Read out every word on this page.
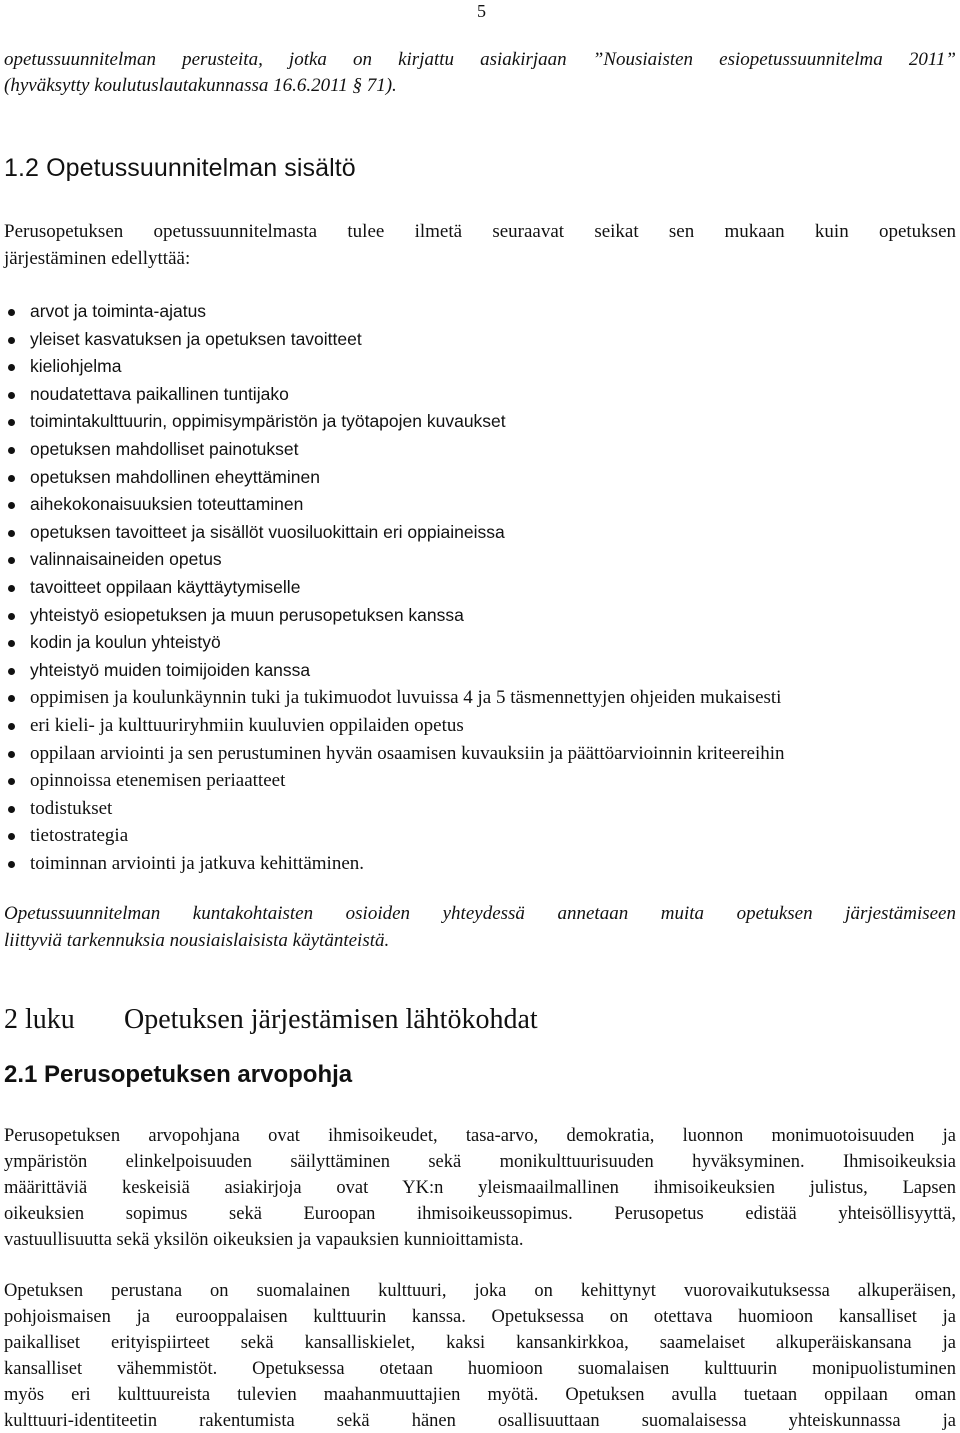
5

opetussuunnitelman perusteita, jotka on kirjattu asiakirjaan ”Nousiaisten esiopetussuunnitelma 2011”
(hyväksytty koulutuslautakunnassa 16.6.2011 § 71).

1.2 Opetussuunnitelman sisältö

Perusopetuksen opetussuunnitelmasta tulee ilmetä seuraavat seikat sen mukaan kuin opetuksen
järjestäminen edellyttää:

arvot ja toiminta-ajatus
yleiset kasvatuksen ja opetuksen tavoitteet
kieliohjelma
noudatettava paikallinen tuntijako
toimintakulttuurin, oppimisympäristön ja työtapojen kuvaukset
opetuksen mahdolliset painotukset
opetuksen mahdollinen eheyttäminen
aihekokonaisuuksien toteuttaminen
opetuksen tavoitteet ja sisällöt vuosiluokittain eri oppiaineissa
valinnaisaineiden opetus
tavoitteet oppilaan käyttäytymiselle
yhteistyö esiopetuksen ja muun perusopetuksen kanssa
kodin ja koulun yhteistyö
yhteistyö muiden toimijoiden kanssa
oppimisen ja koulunkäynnin tuki ja tukimuodot luvuissa 4 ja 5 täsmennettyjen ohjeiden mukaisesti
eri kieli- ja kulttuuriryhmiin kuuluvien oppilaiden opetus
oppilaan arviointi ja sen perustuminen hyvän osaamisen kuvauksiin ja päättöarvioinnin kriteereihin
opinnoissa etenemisen periaatteet
todistukset
tietostrategia
toiminnan arviointi ja jatkuva kehittäminen.

Opetussuunnitelman kuntakohtaisten osioiden yhteydessä annetaan muita opetuksen järjestämiseen
liittyviä tarkennuksia nousiaislaisista käytänteistä.

2 luku Opetuksen järjestämisen lähtökohdat
2.1 Perusopetuksen arvopohja

Perusopetuksen arvopohjana ovat ihmisoikeudet, tasa-arvo, demokratia, luonnon monimuotoisuuden ja
ympäristön elinkelpoisuuden säilyttäminen sekä monikulttuurisuuden hyväksyminen. Ihmisoikeuksia
määrittäviä keskeisiä asiakirjoja ovat YK:n yleismaailmallinen ihmisoikeuksien julistus, Lapsen
oikeuksien sopimus sekä Euroopan ihmisoikeussopimus. Perusopetus edistää yhteisöllisyyttä,
vastuullisuutta sekä yksilön oikeuksien ja vapauksien kunnioittamista.

Opetuksen perustana on suomalainen kulttuuri, joka on kehittynyt vuorovaikutuksessa alkuperäisen,
pohjoismaisen ja eurooppalaisen kulttuurin kanssa. Opetuksessa on otettava huomioon kansalliset ja
paikalliset erityispiirteet sekä kansalliskielet, kaksi kansankirkkoa, saamelaiset alkuperäiskansana ja
kansalliset vähemmistöt. Opetuksessa otetaan huomioon suomalaisen kulttuurin monipuolistuminen
myös eri kulttuureista tulevien maahanmuuttajien myötä. Opetuksen avulla tuetaan oppilaan oman
kulttuuri-identiteetin rakentumista sekä hänen osallisuuttaan suomalaisessa yhteiskunnassa ja
